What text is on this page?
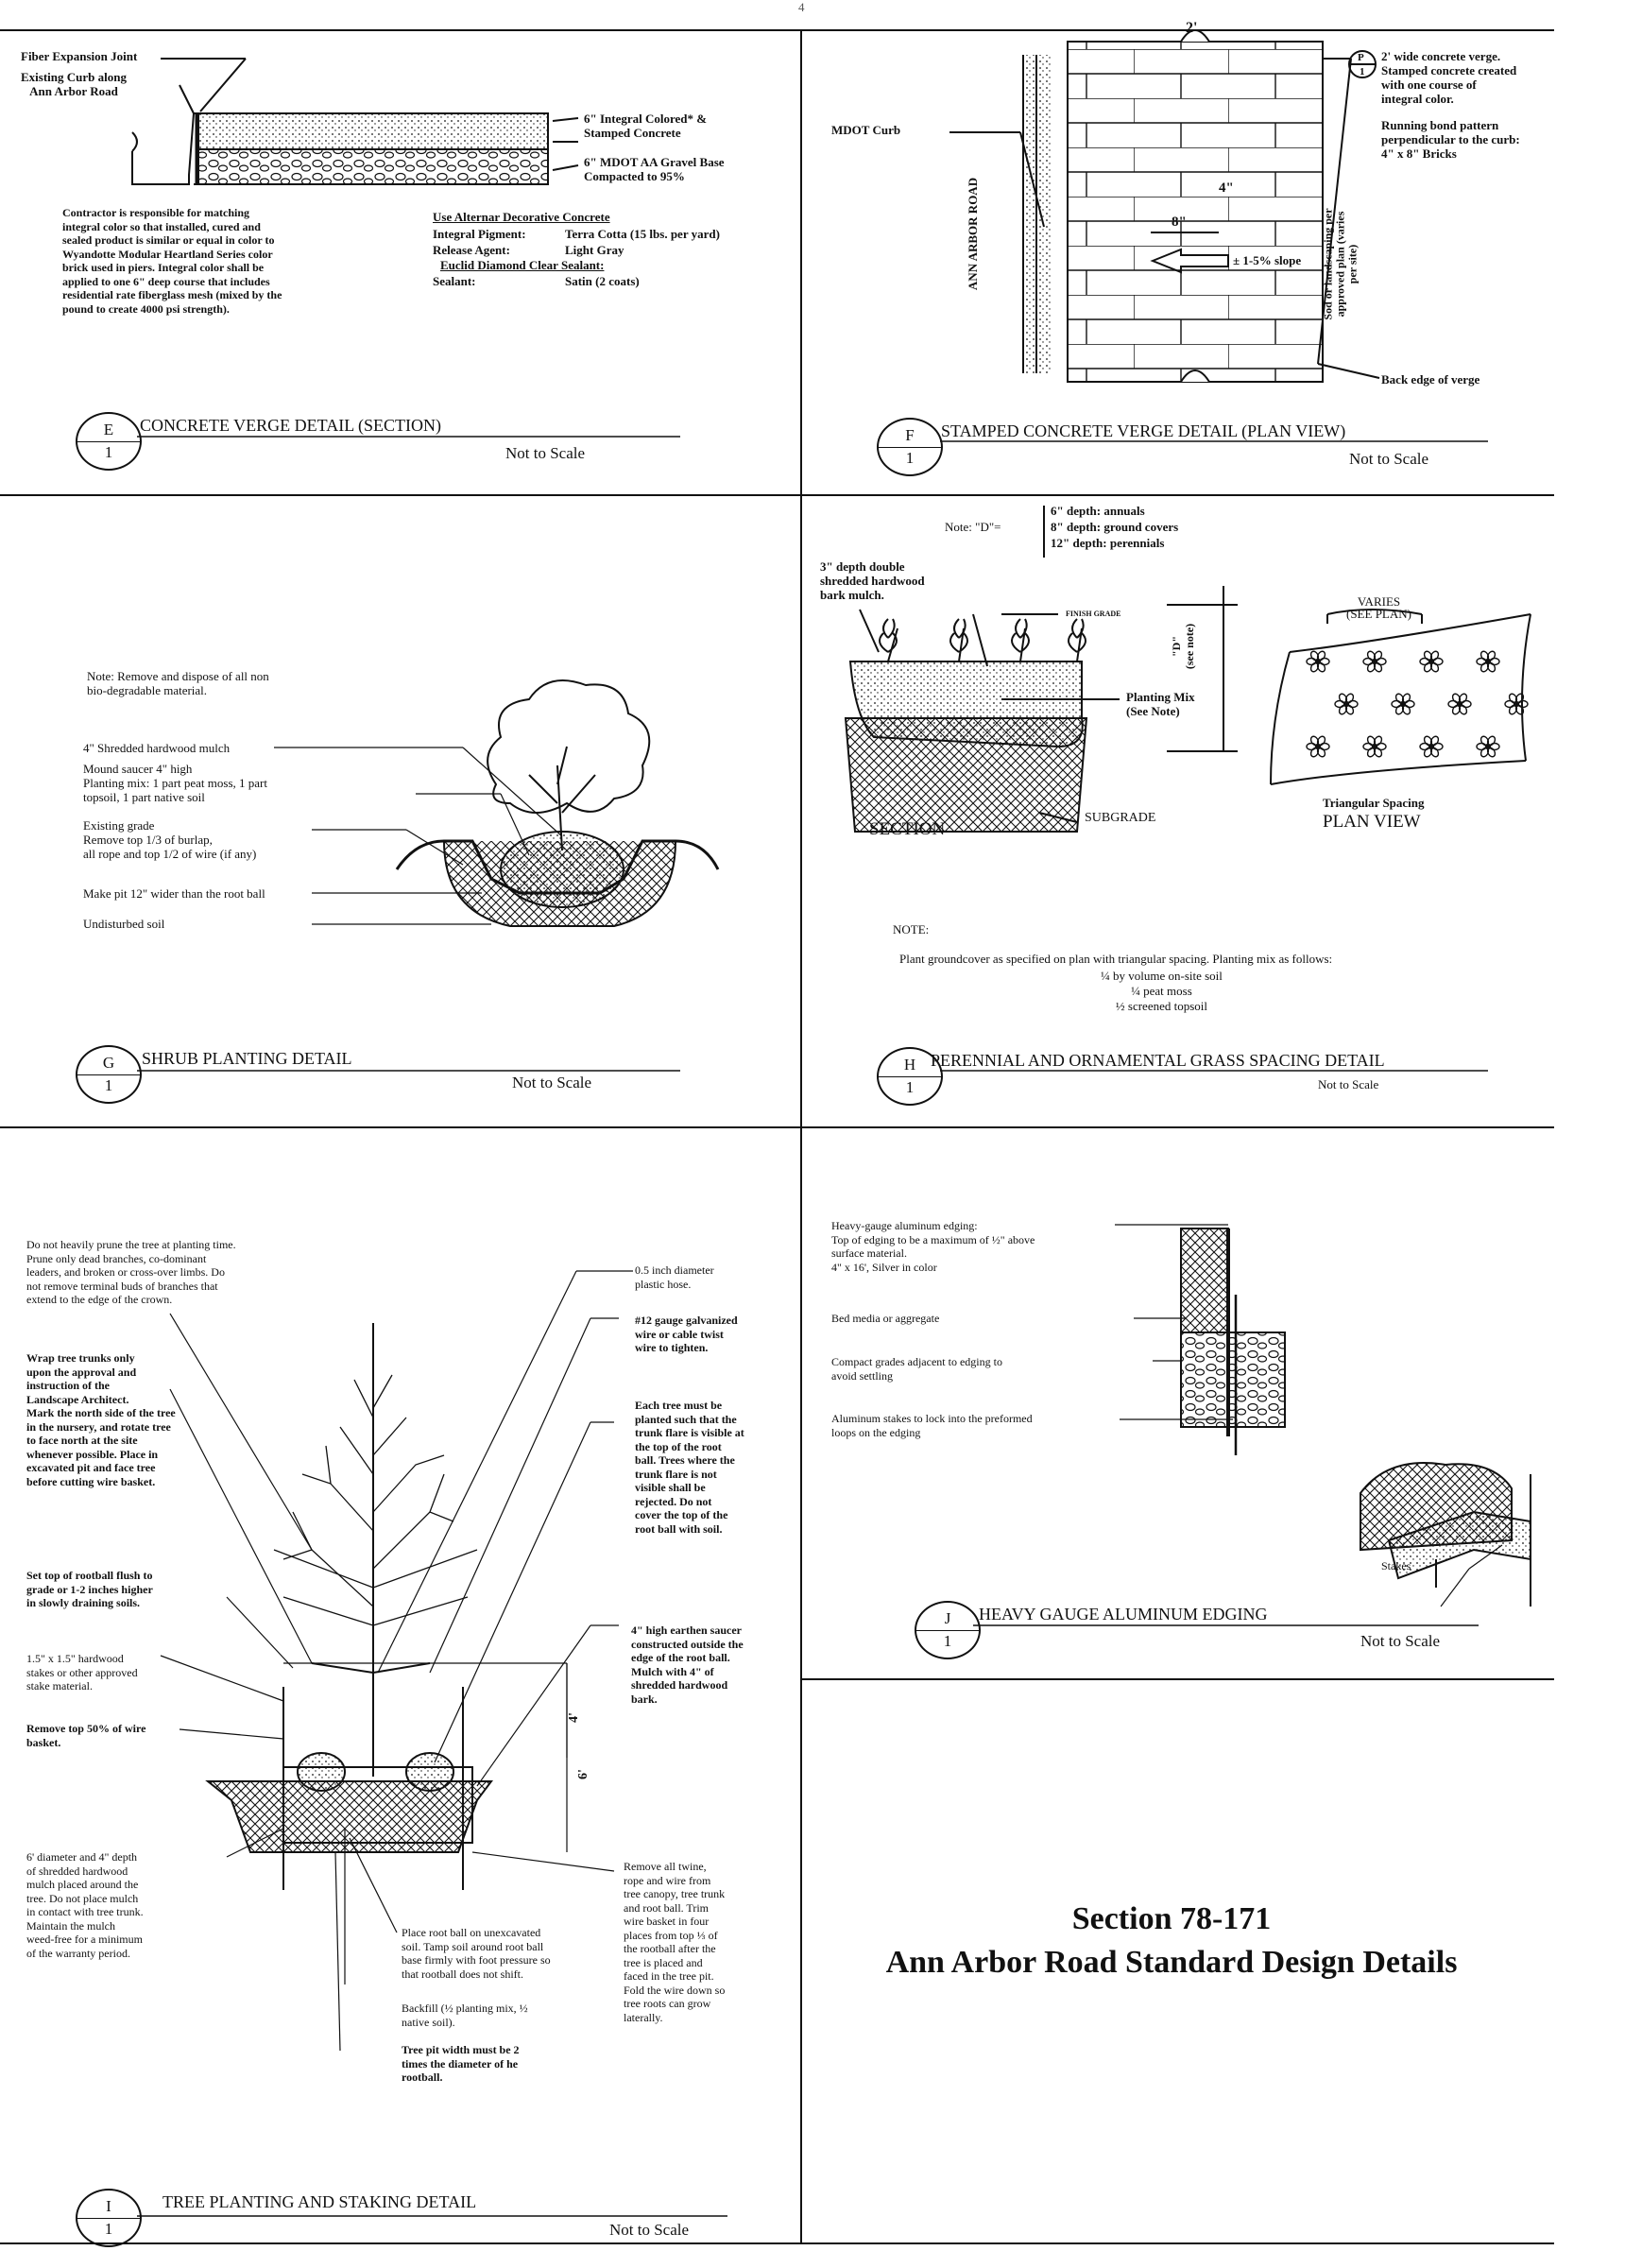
4
Fiber Expansion Joint
Existing Curb along
Ann Arbor Road
6" Integral Colored* &
Stamped Concrete
6" MDOT AA Gravel Base
Compacted to 95%
Contractor is responsible for matching
integral color so that installed, cured and
sealed product is similar or equal in color to
Wyandotte Modular Heartland Series color
brick used in piers. Integral color shall be
applied to one 6" deep course that includes
residential rate fiberglass mesh (mixed by the
pound to create 4000 psi strength).
Use Alternar Decorative Concrete
Integral Pigment:	Terra Cotta (15 lbs. per yard)
Release Agent:	Light Gray
Euclid Diamond Clear Sealant:
Sealant:	Satin (2 coats)
E
1
CONCRETE VERGE DETAIL (SECTION)
Not to Scale
2'
MDOT Curb
ANN ARBOR ROAD
P
1
2' wide concrete verge.
Stamped concrete created
with one course of
integral color.
Running bond pattern
perpendicular to the curb:
4" x 8" Bricks
4"
8"
± 1-5% slope
Sod or landscaping per
approved plan (varies
per site)
Back edge of verge
F
1
STAMPED CONCRETE VERGE DETAIL (PLAN VIEW)
Not to Scale
Note: Remove and dispose of all non
bio-degradable material.
4" Shredded hardwood mulch
Mound saucer 4" high
Planting mix: 1 part peat moss, 1 part
topsoil, 1 part native soil
Existing grade
Remove top 1/3 of burlap,
all rope and top 1/2 of wire (if any)
Make pit 12" wider than the root ball
Undisturbed soil
G
1
SHRUB PLANTING DETAIL
Not to Scale
Note: "D"=
6" depth: annuals
8" depth: ground covers
12" depth: perennials
3" depth double
shredded hardwood
bark mulch.
FINISH GRADE
"D"
(see note)
Planting Mix
(See Note)
SUBGRADE
SECTION
VARIES
(SEE PLAN)
Triangular Spacing
PLAN VIEW
NOTE:
Plant groundcover as specified on plan with triangular spacing. Planting mix as follows:
¼ by volume on-site soil
¼ peat moss
½ screened topsoil
H
1
PERENNIAL AND ORNAMENTAL GRASS SPACING DETAIL
Not to Scale
Do not heavily prune the tree at planting time.
Prune only dead branches, co-dominant
leaders, and broken or cross-over limbs. Do
not remove terminal buds of branches that
extend to the edge of the crown.
Wrap tree trunks only
upon the approval and
instruction of the
Landscape Architect.
Mark the north side of the tree
in the nursery, and rotate tree
to face north at the site
whenever possible. Place in
excavated pit and face tree
before cutting wire basket.
Set top of rootball flush to
grade or 1-2 inches higher
in slowly draining soils.
1.5" x 1.5" hardwood
stakes or other approved
stake material.
Remove top 50% of wire
basket.
6' diameter and 4" depth
of shredded hardwood
mulch placed around the
tree. Do not place mulch
in contact with tree trunk.
Maintain the mulch
weed-free for a minimum
of the warranty period.
0.5 inch diameter
plastic hose.
#12 gauge galvanized
wire or cable twist
wire to tighten.
Each tree must be
planted such that the
trunk flare is visible at
the top of the root
ball. Trees where the
trunk flare is not
visible shall be
rejected. Do not
cover the top of the
root ball with soil.
4" high earthen saucer
constructed outside the
edge of the root ball.
Mulch with 4" of
shredded hardwood
bark.
Remove all twine,
rope and wire from
tree canopy, tree trunk
and root ball. Trim
wire basket in four
places from top ⅓ of
the rootball after the
tree is placed and
faced in the tree pit.
Fold the wire down so
tree roots can grow
laterally.
Place root ball on unexcavated
soil. Tamp soil around root ball
base firmly with foot pressure so
that rootball does not shift.
Backfill (½ planting mix, ½
native soil).
Tree pit width must be 2
times the diameter of he
rootball.
4'
6'
I
1
TREE PLANTING AND STAKING DETAIL
Not to Scale
Heavy-gauge aluminum edging:
Top of edging to be a maximum of ½" above
surface material.
4" x 16', Silver in color
Bed media or aggregate
Compact grades adjacent to edging to
avoid settling
Aluminum stakes to lock into the preformed
loops on the edging
Stakes
J
1
HEAVY GAUGE ALUMINUM EDGING
Not to Scale
Section 78-171
Ann Arbor Road Standard Design Details
